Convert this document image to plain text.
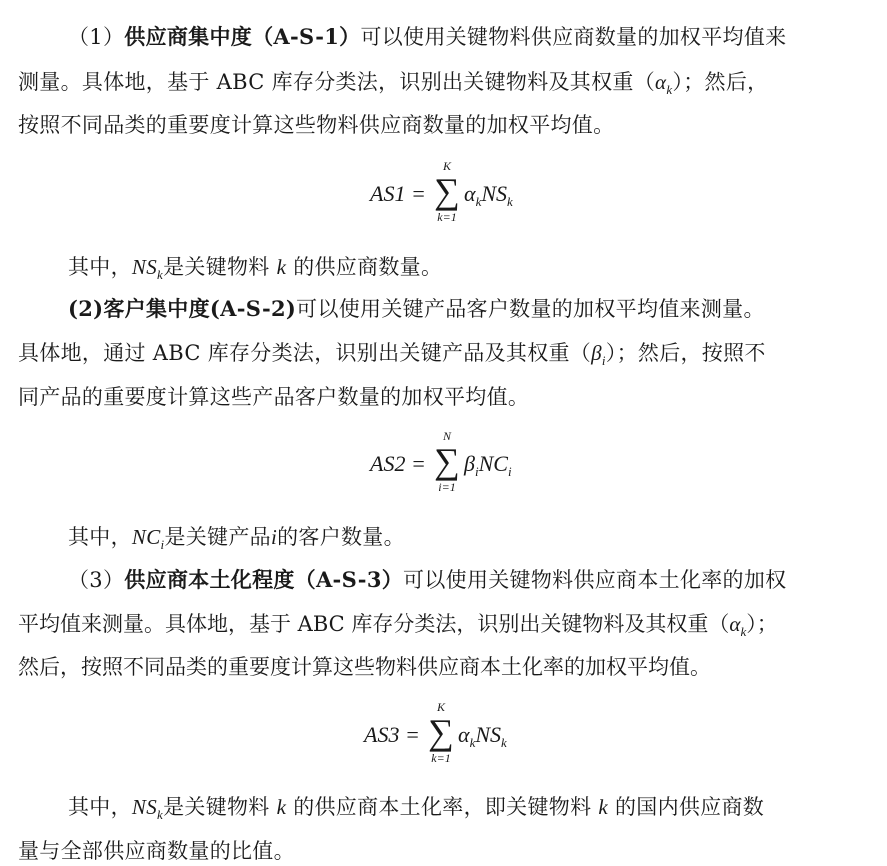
（1）供应商集中度（A-S-1）可以使用关键物料供应商数量的加权平均值来
测量。具体地，基于 ABC 库存分类法，识别出关键物料及其权重$(\alpha_k)$；然后，
按照不同品类的重要度计算这些物料供应商数量的加权平均值。
AS1 =
K
∑
k=1
$\alpha_kNS_k$
其中，$NS_k$是关键物料 k 的供应商数量。
(2)客户集中度(A-S-2)可以使用关键产品客户数量的加权平均值来测量。
具体地，通过 ABC 库存分类法，识别出关键产品及其权重$(\beta_i)$；然后，按照不
同产品的重要度计算这些产品客户数量的加权平均值。
AS2 =
N
∑
i=1
$\beta_iNC_i$
其中，$NC_i$是关键产品i的客户数量。
（3）供应商本土化程度（A-S-3）可以使用关键物料供应商本土化率的加权
平均值来测量。具体地，基于 ABC 库存分类法，识别出关键物料及其权重$(\alpha_k)$；
然后，按照不同品类的重要度计算这些物料供应商本土化率的加权平均值。
AS3 =
K
∑
k=1
$\alpha_kNS_k$
其中，$NS_k$是关键物料 k 的供应商本土化率，即关键物料 k 的国内供应商数
量与全部供应商数量的比值。
